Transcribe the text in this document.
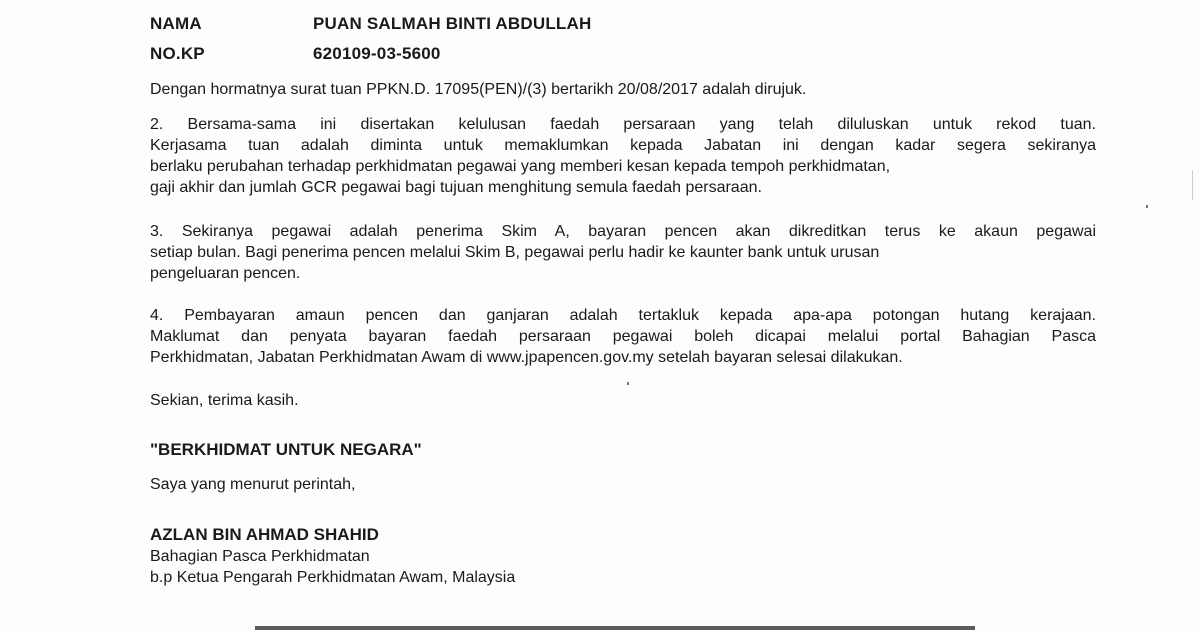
NAMA	PUAN SALMAH BINTI ABDULLAH
NO.KP	620109-03-5600
Dengan hormatnya surat tuan PPKN.D. 17095(PEN)/(3) bertarikh 20/08/2017 adalah dirujuk.
2. Bersama-sama ini disertakan kelulusan faedah persaraan yang telah diluluskan untuk rekod tuan.
Kerjasama tuan adalah diminta untuk memaklumkan kepada Jabatan ini dengan kadar segera sekiranya
berlaku perubahan terhadap perkhidmatan pegawai yang memberi kesan kepada tempoh perkhidmatan,
gaji akhir dan jumlah GCR pegawai bagi tujuan menghitung semula faedah persaraan.
3. Sekiranya pegawai adalah penerima Skim A, bayaran pencen akan dikreditkan terus ke akaun pegawai
setiap bulan. Bagi penerima pencen melalui Skim B, pegawai perlu hadir ke kaunter bank untuk urusan
pengeluaran pencen.
4. Pembayaran amaun pencen dan ganjaran adalah tertakluk kepada apa-apa potongan hutang kerajaan.
Maklumat dan penyata bayaran faedah persaraan pegawai boleh dicapai melalui portal Bahagian Pasca
Perkhidmatan, Jabatan Perkhidmatan Awam di www.jpapencen.gov.my setelah bayaran selesai dilakukan.
Sekian, terima kasih.
"BERKHIDMAT UNTUK NEGARA"
Saya yang menurut perintah,
AZLAN BIN AHMAD SHAHID
Bahagian Pasca Perkhidmatan
b.p Ketua Pengarah Perkhidmatan Awam, Malaysia
